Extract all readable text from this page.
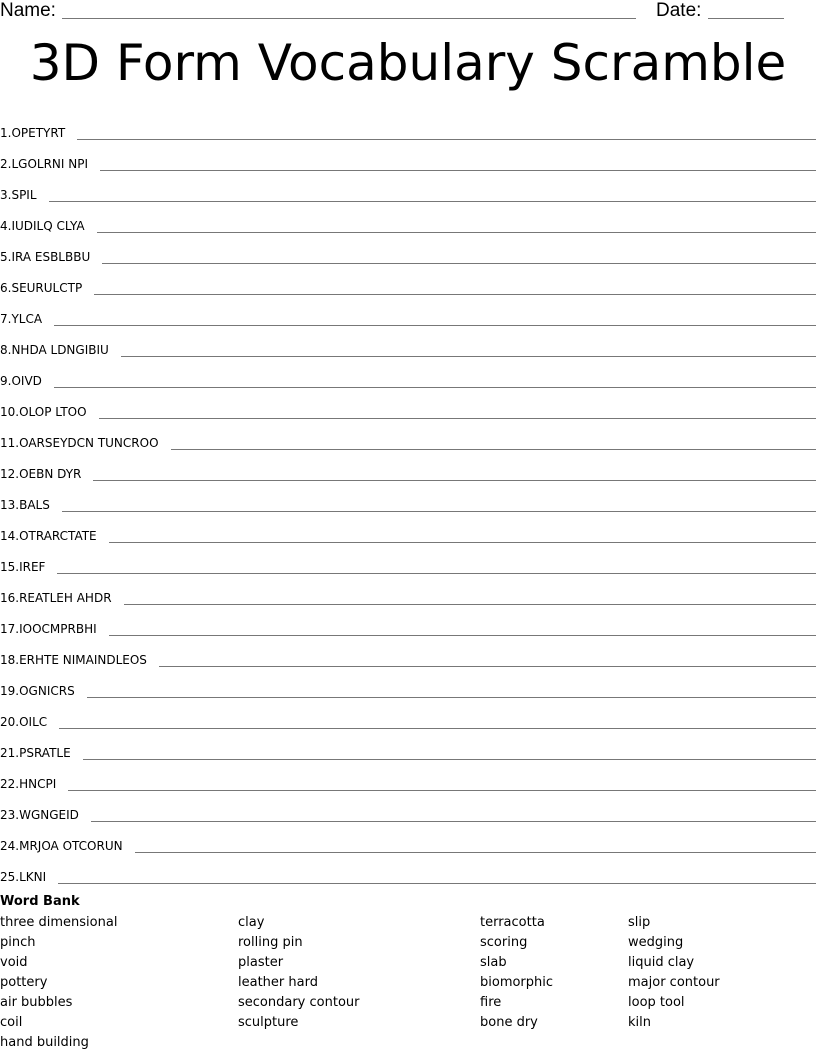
Name:	Date:
3D Form Vocabulary Scramble
1. OPETYRT
2. LGOLRNI NPI
3. SPIL
4. IUDILQ CLYA
5. IRA ESBLBBU
6. SEURULCTP
7. YLCA
8. NHDA LDNGIBIU
9. OIVD
10. OLOP LTOO
11. OARSEYDCN TUNCROO
12. OEBN DYR
13. BALS
14. OTRARCTATE
15. IREF
16. REATLEH AHDR
17. IOOCMPRBHI
18. ERHTE NIMAINDLEOS
19. OGNICRS
20. OILC
21. PSRATLE
22. HNCPI
23. WGNGEID
24. MRJOA OTCORUN
25. LKNI
Word Bank
three dimensional
pinch
void
pottery
air bubbles
coil
hand building
clay
rolling pin
plaster
leather hard
secondary contour
sculpture
terracotta
scoring
slab
biomorphic
fire
bone dry
slip
wedging
liquid clay
major contour
loop tool
kiln
